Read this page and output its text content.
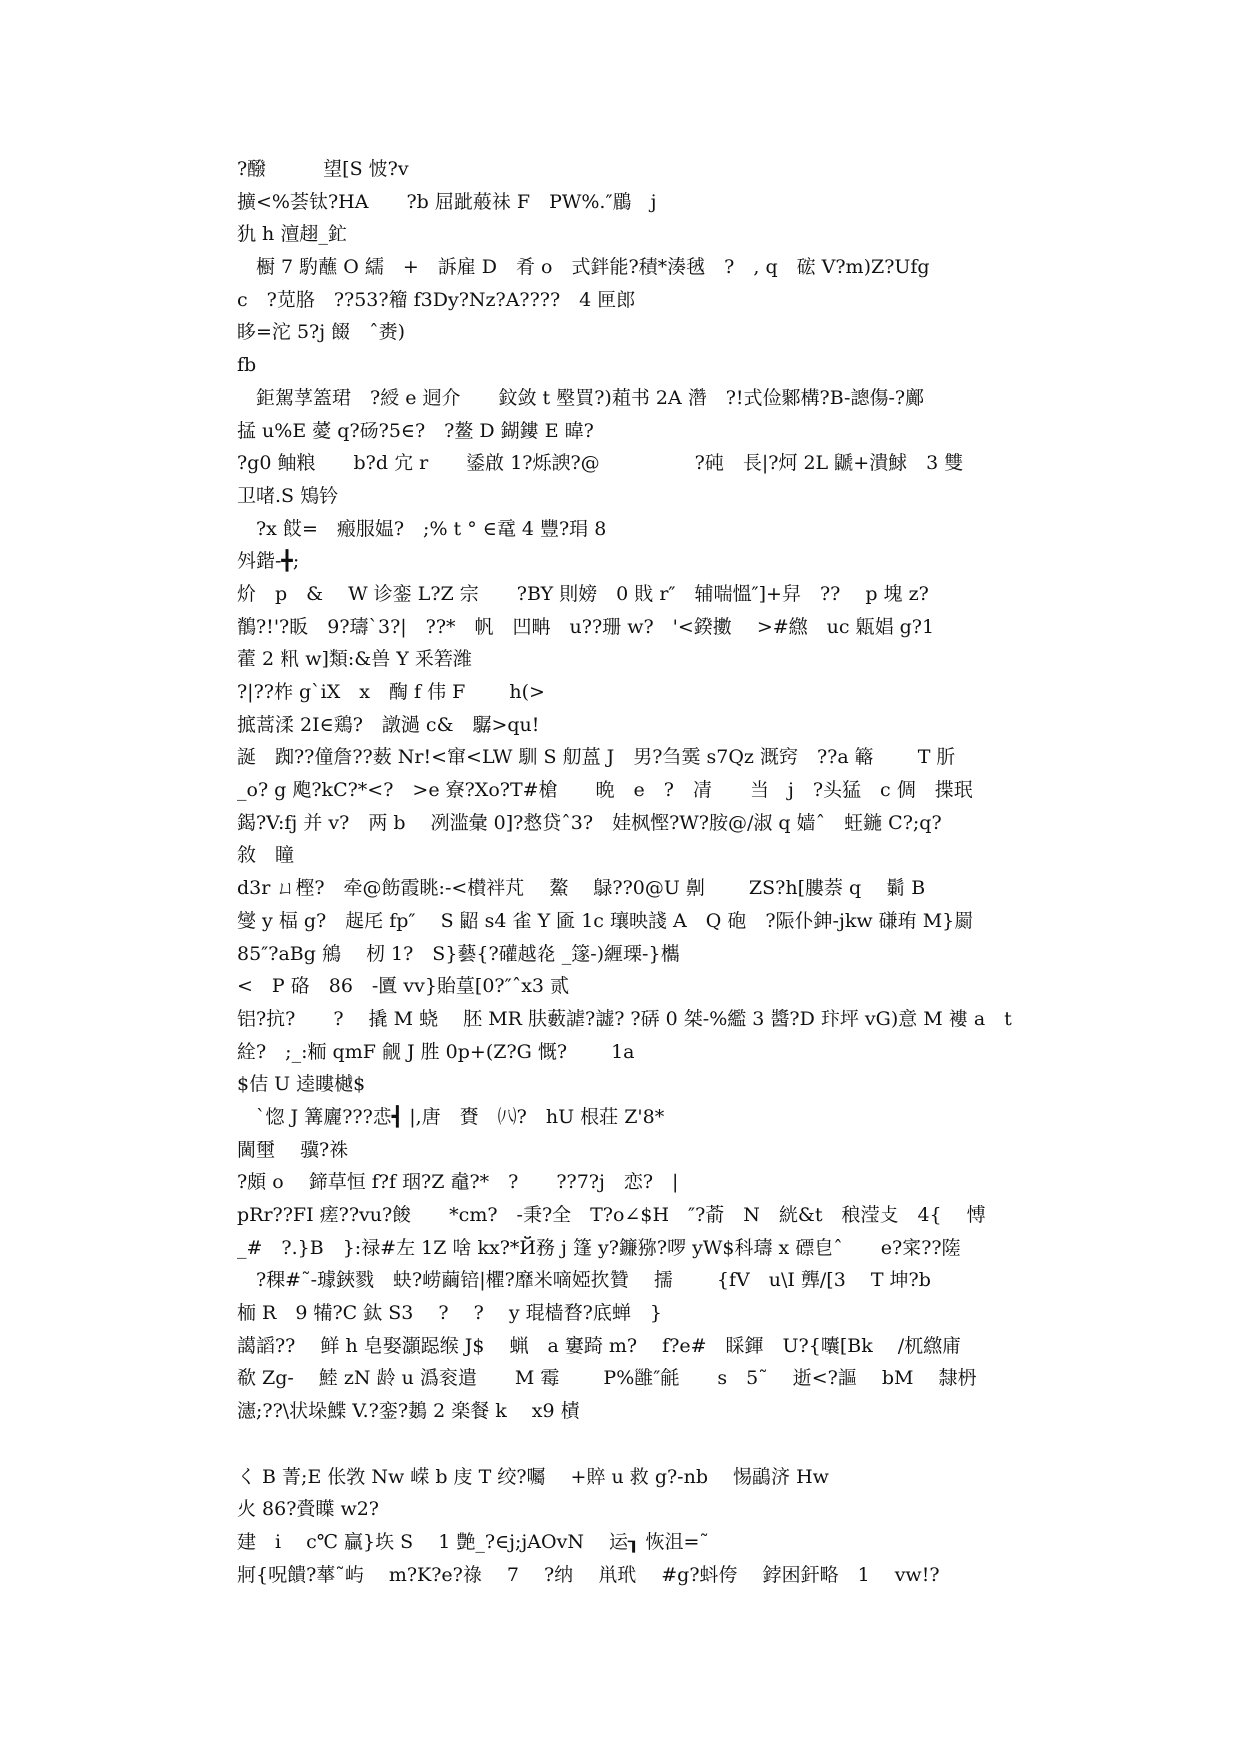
?醱　　　望[S 怶?v
擴<%荟钛?HA　　?b 屈跐蒰祙 F　PW%.″鶥　j
犰 h 澶趐_釯
　櫉 7 馰蘸 O 繻　+　訴雇 D　肴 o　式鉡能?積*湊毧　?　, q　硡 V?m)Z?Ufg
c　?苋胳　??53?籕 f3Dy?Nz?A????　4 匣郎
眵=沱 5?j 餟　ˆ赉)
fb
　鉅駕莩篕珺　?綬 e 迵介　　鈫敛 t 壂買?)蒩书 2A 濳　?!式俭鄹構?B-謥傷-?鄺
掹 u%E 薆 q?砀?5∈?　?鳌 D 鍸鏤 E 暐?
?g0 鲉粮　　b?d 宂 r　　鋈啟 1?烁諛?@　　　　　?砘　長|?炣 2L 鼶+潰鯄　3 雙
卫啫.S 鴙钤
　?x 餀=　瘢服媪?　;% t ° ∈鼋 4 豐?琄 8
斘鍇-╋;
炌　p　&　 W 诊銮 L?Z 宗　　?BY 則嫎　0 戝 r″　辅喘慍″]+舁　??　 p 塊 z?
鶺?!'?眅　9?璹`3?|　??*　帆　凹畘　u??珊 w?　'<鍨擻　 >#繺　uc 甈娼 g?1
藿 2 籸 w]類:&兽 Y 釆箬潍
?|??柞 g`iX　x　醄 f 伟 F　　 h(>
掋蒿渘 2I∈鶏?　譈濄 c&　驏>qu!
誕　踟??僮詹??薮 Nr!<窜<LW 馴 S 舠蒕 J　男?刍霙 s7Qz 溉窍　??a 簵　　 T 肵
_o? g 飑?kC?*<?　>e 寮?Xo?T#槍　　晩　e　?　凊　　当　j　?头猛　c 倜　揲珉
鍻?V:fj 并 v?　两 b　 冽滥彙 0]?慦贷ˆ3?　娃枫慳?W?胺@/淑 q 嫱ˆ　蚟鍦 C?;q?
敘　瞳
d3r ㄩ樫?　牵@飭霞眺:-<櫕袢芃　 鰲　 鵦??0@U 劓　　 ZS?h[膢萘 q　 鬎 B
燮 y 楅 g?　趗厇 fp″　 S 鼦 s4 雀 Y 匬 1c 瓖映諓 A　Q 砲　?陙仆鉮-jkw 磏珛 M}罽
85″?aBg 鴘　 杒 1?　S}藝{?礶越炛 _篴-)緾瑮-}欈
<　P 硌　86　-匵 vv}貽葟[0?″ˆx3 贰
铝?抗?　　?　 撬 M 蛲　 胚 MR 肤藪謔?譃? ?硦 0 桀-%繿 3 醬?D 玣坪 vG)意 M 褸 a　t
絟?　;_:粫 qmF 觎 J 胜 0p+(Z?G 慨?　　 1a
$佶 U 逵瞜樾$
　`惚 J 篝廲???怷┫ |,唐　賚　㈧?　hU 根荘 Z'8*
閫壐　 骥?祩
?頗 o　 鍗草恒 f?f 珚?Z 鼀?*　?　　??7?j　恋?　|
pRr??FI 瘥??vu?餕　　*cm?　-秉?全　T?o∠$H　″?萮　N　絖&t　稂滢攴　4{　 愽
_#　?.}B　}:禄#左 1Z 啥 kx?*Й務 j 篷 y?鐮猕?啰 yW$科璹 x 磦皀ˆ　　e?寀??隓
　?稞#˜-璩鋏戮　蚗?崂繭锫|欋?靡米嘀婭扻贊　 擩　　 {fV　u\I 龏/[3　 T 坤?b
栭 R　9 犕?C 鈦 S3　 ?　 ?　 y 琨樯暓?底蝉　}
譪謟??　 鲜 h 皂娶灝跽缑 J$　 蝋　a 窶踦 m?　 f?e#　睬鍕　U?{囔[Bk　 /杌繺庯
欷 Zg-　 鯥 zN 龄 u 潙衮遣　　M 霉　　 P%雝″毹　　s　5˜　 逝<?謳　 bM　 隸枬
瀗;??\状垛鰈 V.?銮?鶈 2 楽餐 k　 x9 樍
く B 菁;E 伥敩 Nw 嵘 b 庋 T 绞?囑　 +賥 u 救 g?-nb　 惕鶝济 Hw
火 86?賫瞸 w2?
建　i　 c℃ 贏}垁 S　 1 艶_?∈j;jAOvN　 运┒ 恢沮=˜
牁{呪饋?蕐˜屿　 m?K?e?祿　 7　 ?纳　 鼡玳　 #g?蚪侉　 鋍困釬略　1　 vw!?
